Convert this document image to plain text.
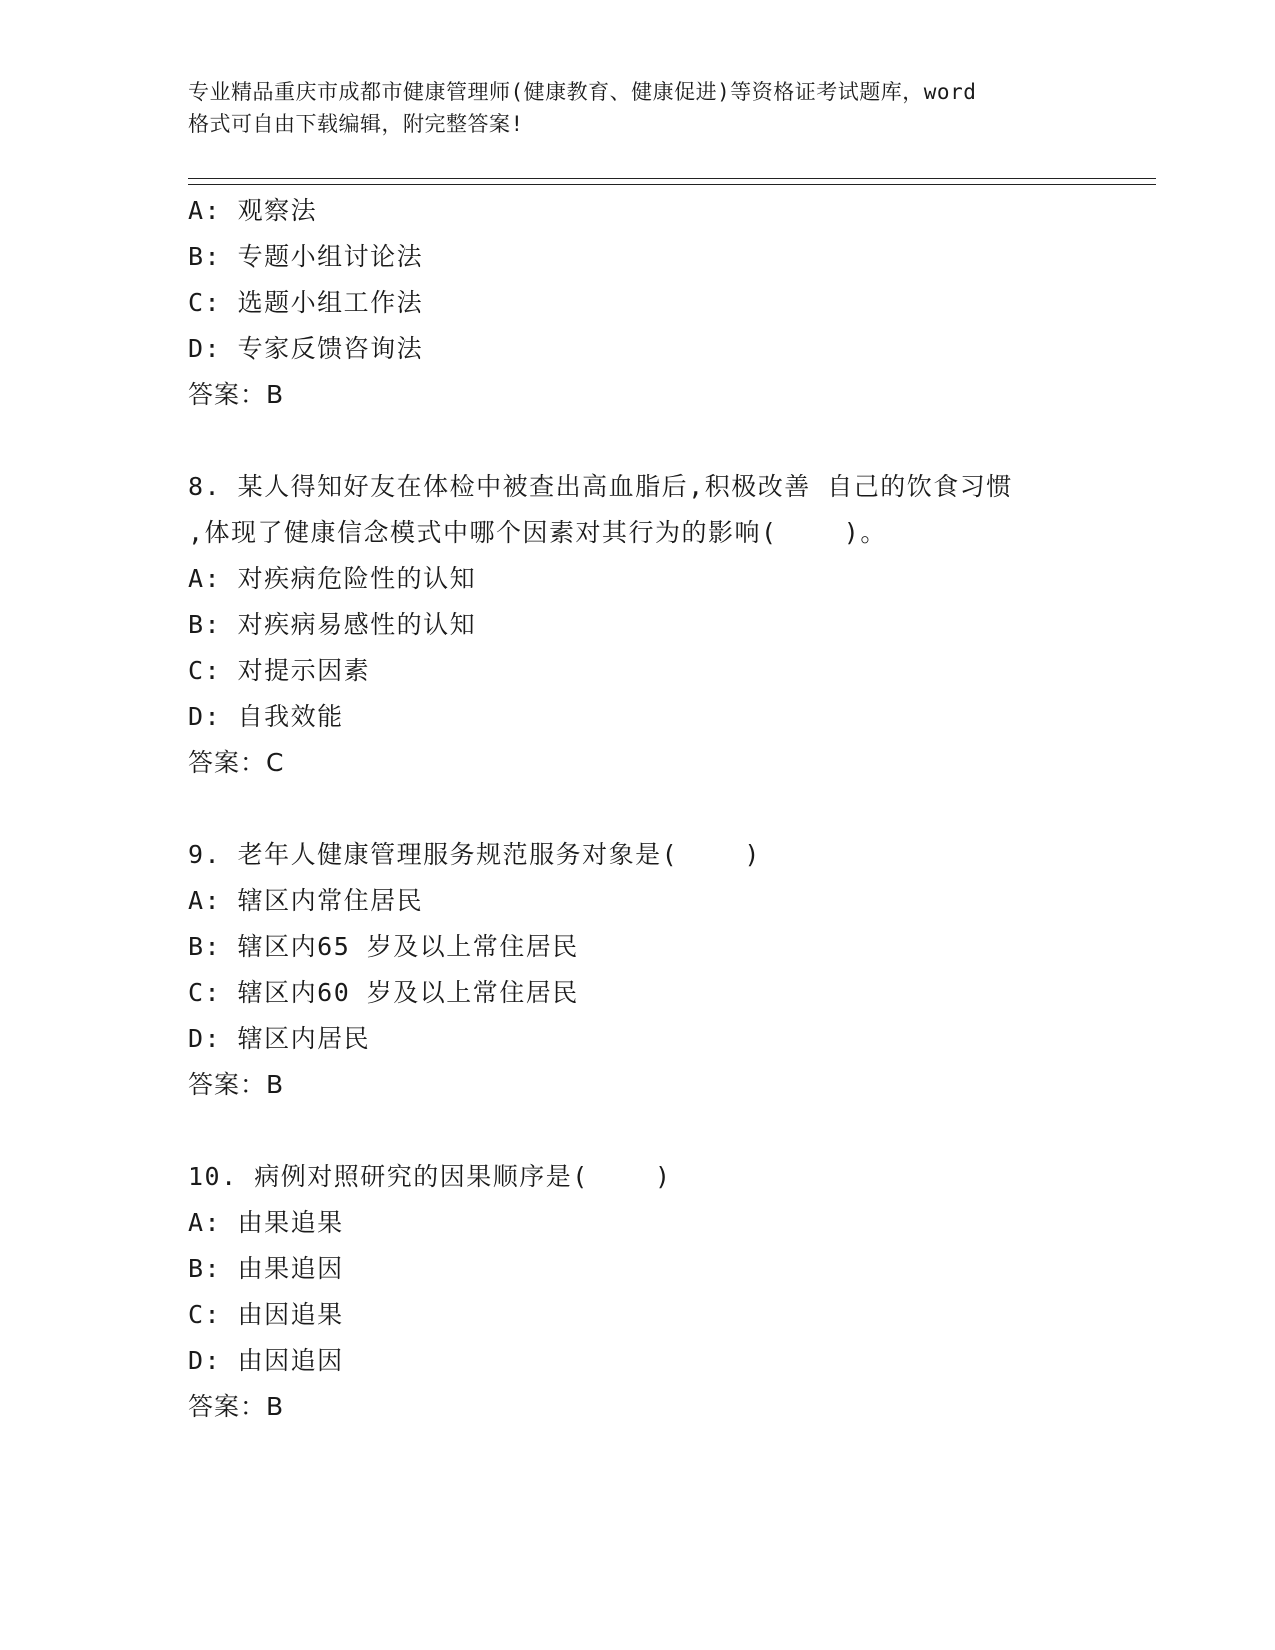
专业精品重庆市成都市健康管理师(健康教育、健康促进)等资格证考试题库，word
格式可自由下载编辑，附完整答案!
A: 观察法
B: 专题小组讨论法
C: 选题小组工作法
D: 专家反馈咨询法
答案：B
8. 某人得知好友在体检中被查出高血脂后,积极改善 自己的饮食习惯
,体现了健康信念模式中哪个因素对其行为的影响(    )。
A: 对疾病危险性的认知
B: 对疾病易感性的认知
C: 对提示因素
D: 自我效能
答案：C
9. 老年人健康管理服务规范服务对象是(    )
A: 辖区内常住居民
B: 辖区内65 岁及以上常住居民
C: 辖区内60 岁及以上常住居民
D: 辖区内居民
答案：B
10. 病例对照研究的因果顺序是(    )
A: 由果追果
B: 由果追因
C: 由因追果
D: 由因追因
答案：B
